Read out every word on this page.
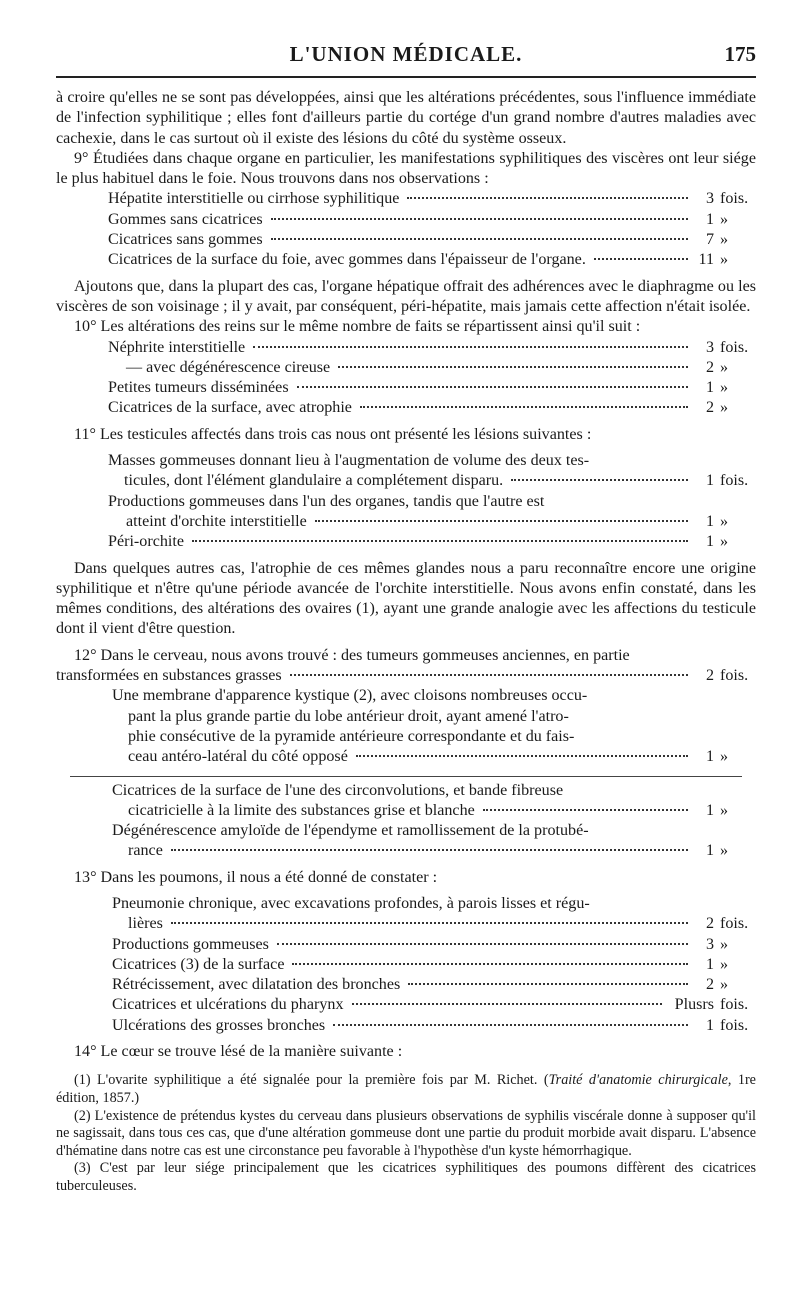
L'UNION MÉDICALE.	175

à croire qu'elles ne se sont pas développées, ainsi que les altérations précédentes, sous l'influence immédiate de l'infection syphilitique ; elles font d'ailleurs partie du cortége d'un grand nombre d'autres maladies avec cachexie, dans le cas surtout où il existe des lésions du côté du système osseux.

9° Étudiées dans chaque organe en particulier, les manifestations syphilitiques des viscères ont leur siége le plus habituel dans le foie. Nous trouvons dans nos observations :

Hépatite interstitielle ou cirrhose syphilitique	3 fois.
Gommes sans cicatrices	1 »
Cicatrices sans gommes	7 »
Cicatrices de la surface du foie, avec gommes dans l'épaisseur de l'organe.	11 »

Ajoutons que, dans la plupart des cas, l'organe hépatique offrait des adhérences avec le diaphragme ou les viscères de son voisinage ; il y avait, par conséquent, péri-hépatite, mais jamais cette affection n'était isolée.

10° Les altérations des reins sur le même nombre de faits se répartissent ainsi qu'il suit :

Néphrite interstitielle	3 fois.
— avec dégénérescence cireuse	2 »
Petites tumeurs disséminées	1 »
Cicatrices de la surface, avec atrophie	2 »

11° Les testicules affectés dans trois cas nous ont présenté les lésions suivantes :

Masses gommeuses donnant lieu à l'augmentation de volume des deux tes-

ticules, dont l'élément glandulaire a complétement disparu.	1 fois.

Productions gommeuses dans l'un des organes, tandis que l'autre est

atteint d'orchite interstitielle	1 »
Péri-orchite	1 »

Dans quelques autres cas, l'atrophie de ces mêmes glandes nous a paru reconnaître encore une origine syphilitique et n'être qu'une période avancée de l'orchite interstitielle. Nous avons enfin constaté, dans les mêmes conditions, des altérations des ovaires (1), ayant une grande analogie avec les affections du testicule dont il vient d'être question.

12° Dans le cerveau, nous avons trouvé : des tumeurs gommeuses anciennes, en partie

transformées en substances grasses	2 fois.

Une membrane d'apparence kystique (2), avec cloisons nombreuses occu-

pant la plus grande partie du lobe antérieur droit, ayant amené l'atro-

phie consécutive de la pyramide antérieure correspondante et du fais-

ceau antéro-latéral du côté opposé	1 »

Cicatrices de la surface de l'une des circonvolutions, et bande fibreuse

cicatricielle à la limite des substances grise et blanche	1 »

Dégénérescence amyloïde de l'épendyme et ramollissement de la protubé-

rance	1 »

13° Dans les poumons, il nous a été donné de constater :

Pneumonie chronique, avec excavations profondes, à parois lisses et régu-

lières	2 fois.
Productions gommeuses	3 »
Cicatrices (3) de la surface	1 »
Rétrécissement, avec dilatation des bronches	2 »
Cicatrices et ulcérations du pharynx	Plusrs fois.
Ulcérations des grosses bronches	1 fois.

14° Le cœur se trouve lésé de la manière suivante :

(1) L'ovarite syphilitique a été signalée pour la première fois par M. Richet. (Traité d'anatomie chirurgicale, 1re édition, 1857.)

(2) L'existence de prétendus kystes du cerveau dans plusieurs observations de syphilis viscérale donne à supposer qu'il ne sagissait, dans tous ces cas, que d'une altération gommeuse dont une partie du produit morbide avait disparu. L'absence d'hématine dans notre cas est une circonstance peu favorable à l'hypothèse d'un kyste hémorrhagique.

(3) C'est par leur siége principalement que les cicatrices syphilitiques des poumons diffèrent des cicatrices tuberculeuses.
